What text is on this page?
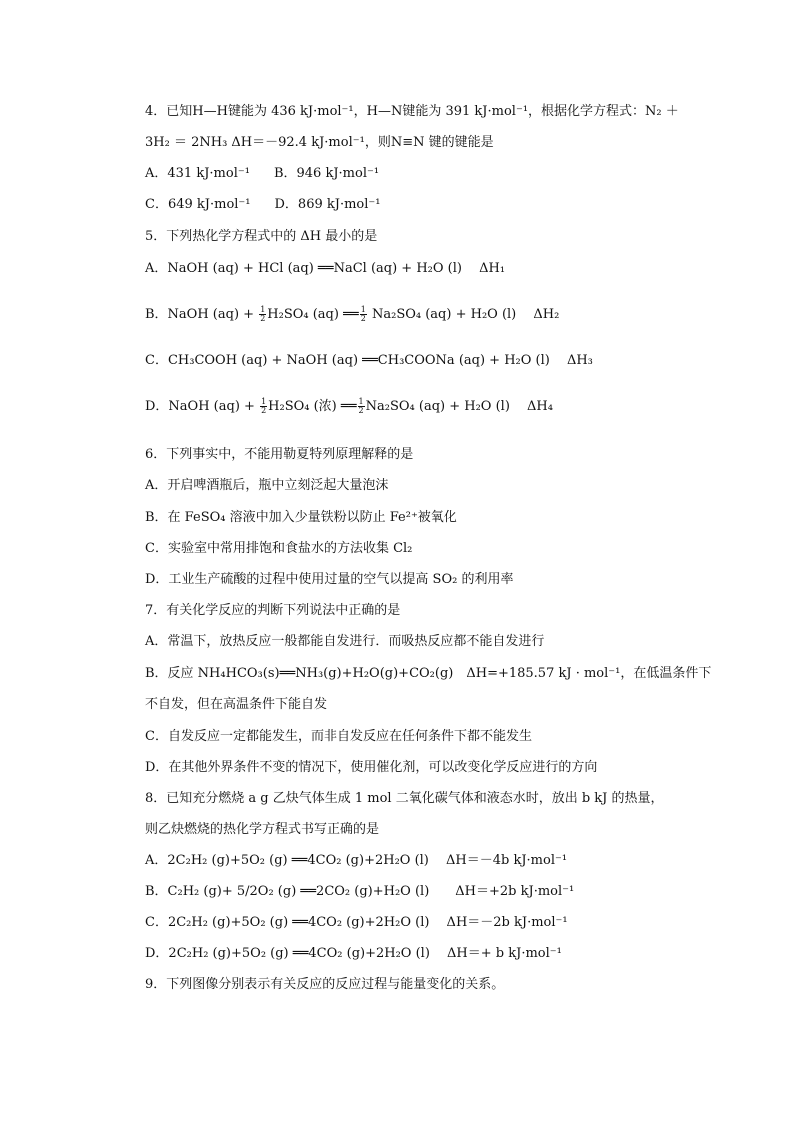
4．已知H—H键能为 436 kJ·mol⁻¹，H—N键能为 391 kJ·mol⁻¹，根据化学方程式：N₂ ＋
3H₂ ＝ 2NH₃ ΔH＝－92.4 kJ·mol⁻¹，则N≡N 键的键能是
A．431 kJ·mol⁻¹ B．946 kJ·mol⁻¹
C．649 kJ·mol⁻¹ D．869 kJ·mol⁻¹
5．下列热化学方程式中的 ΔH 最小的是
A．NaOH (aq) + HCl (aq) ══NaCl (aq) + H₂O (l)　 ΔH₁
B．NaOH $(aq) + \frac{1}{2} H_2SO_4$ (aq) ══ $\frac{1}{2} Na_2SO_4$ (aq) + H₂O (l)　 ΔH₂
C．CH₃COOH (aq) + NaOH (aq) ══CH₃COONa (aq) + H₂O (l)　 ΔH₃
D．NaOH $(aq) + \frac{1}{2} H_2SO_4$ (浓) ══ $\frac{1}{2} Na_2SO_4$ (aq) + H₂O (l)　 ΔH₄
6．下列事实中，不能用勒夏特列原理解释的是
A．开启啤酒瓶后，瓶中立刻泛起大量泡沫
B．在 FeSO₄ 溶液中加入少量铁粉以防止 Fe²⁺被氧化
C．实验室中常用排饱和食盐水的方法收集 Cl₂
D．工业生产硫酸的过程中使用过量的空气以提高 SO₂ 的利用率
7．有关化学反应的判断下列说法中正确的是
A．常温下，放热反应一般都能自发进行．而吸热反应都不能自发进行
B．反应 NH₄HCO₃(s)══NH₃(g)+H₂O(g)+CO₂(g)　ΔH=+185.57 kJ · mol⁻¹，在低温条件下
不自发，但在高温条件下能自发
C．自发反应一定都能发生，而非自发反应在任何条件下都不能发生
D．在其他外界条件不变的情况下，使用催化剂，可以改变化学反应进行的方向
8．已知充分燃烧 a g 乙炔气体生成 1 mol 二氧化碳气体和液态水时，放出 b kJ 的热量，
则乙炔燃烧的热化学方程式书写正确的是
A．2C₂H₂ (g)+5O₂ (g) ══4CO₂ (g)+2H₂O (l)　 ΔH＝－4b kJ·mol⁻¹
B．C₂H₂ (g)+ 5/2O₂ (g) ══2CO₂ (g)+H₂O (l)　　ΔH＝+2b kJ·mol⁻¹
C．2C₂H₂ (g)+5O₂ (g) ══4CO₂ (g)+2H₂O (l)　 ΔH＝－2b kJ·mol⁻¹
D．2C₂H₂ (g)+5O₂ (g) ══4CO₂ (g)+2H₂O (l)　 ΔH＝+ b kJ·mol⁻¹
9．下列图像分别表示有关反应的反应过程与能量变化的关系。
